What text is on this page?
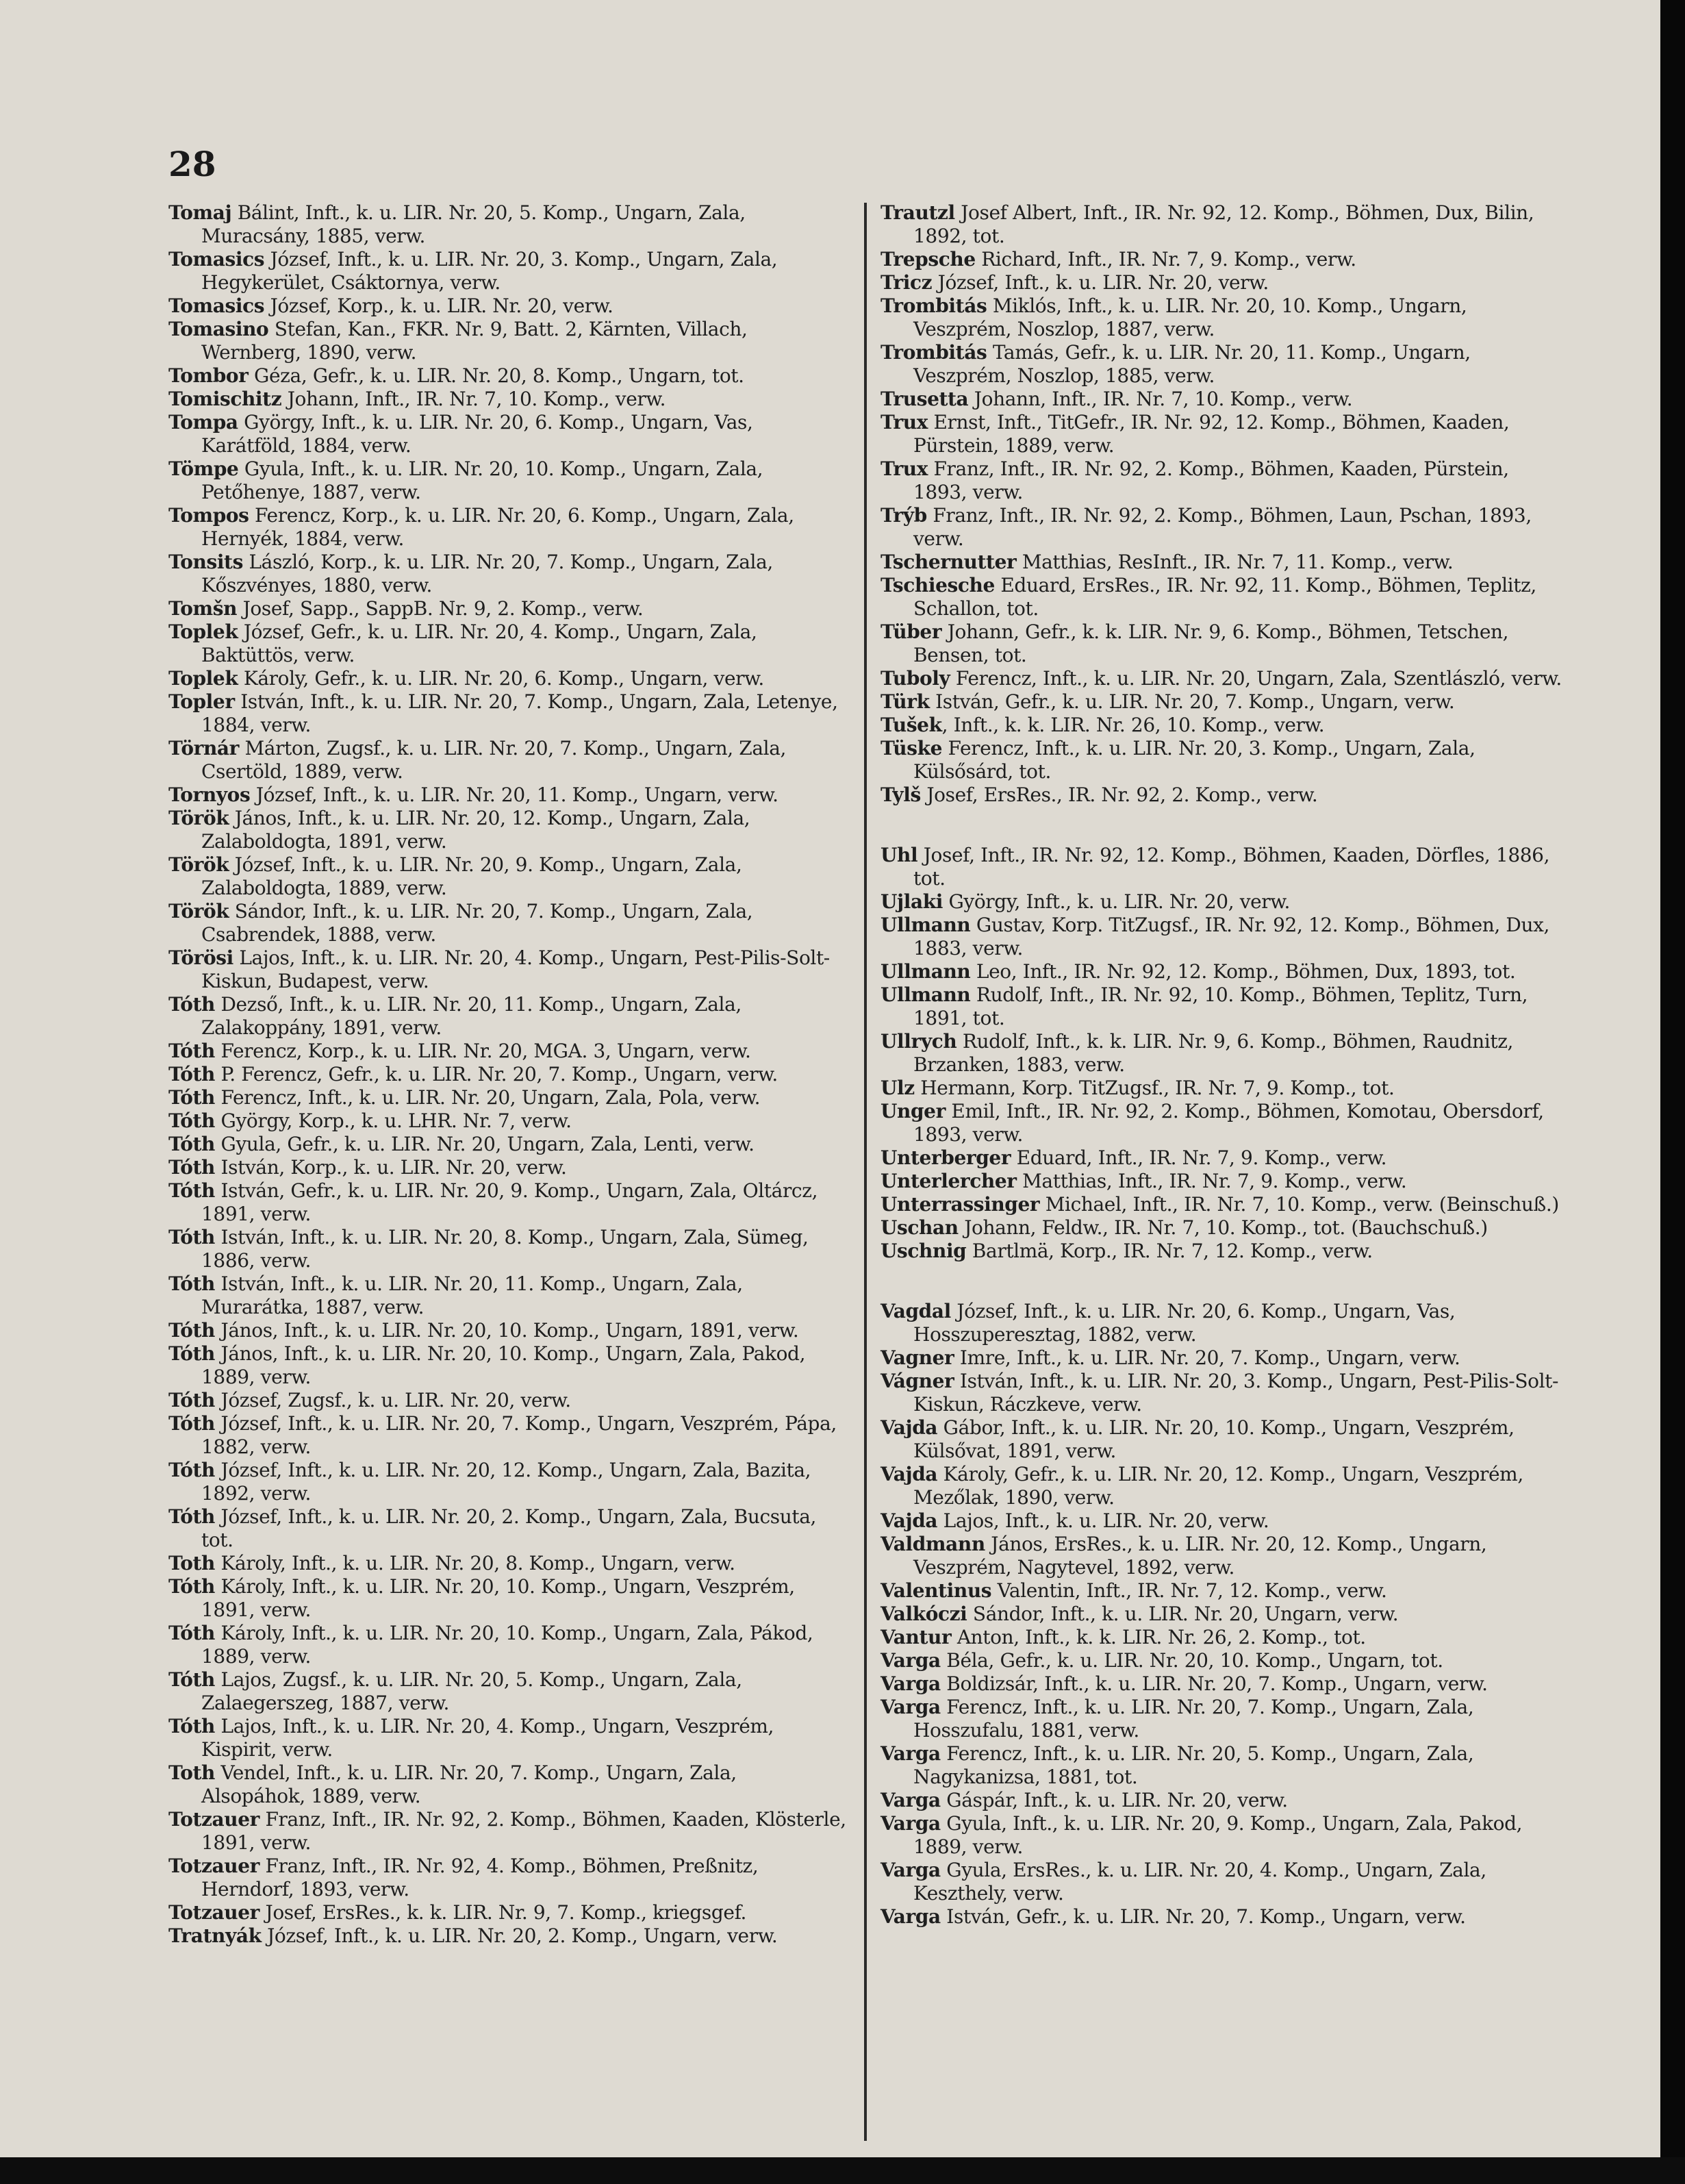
28
Tomaj Bálint, Inft., k. u. LIR. Nr. 20, 5. Komp., Ungarn, Zala, Muracsány, 1885, verw.
Tomasics József, Inft., k. u. LIR. Nr. 20, 3. Komp., Ungarn, Zala, Hegykerület, Csáktornya, verw.
Tomasics József, Korp., k. u. LIR. Nr. 20, verw.
Tomasino Stefan, Kan., FKR. Nr. 9, Batt. 2, Kärnten, Villach, Wernberg, 1890, verw.
Tombor Géza, Gefr., k. u. LIR. Nr. 20, 8. Komp., Ungarn, tot.
Tomischitz Johann, Inft., IR. Nr. 7, 10. Komp., verw.
Tompa György, Inft., k. u. LIR. Nr. 20, 6. Komp., Ungarn, Vas, Karátföld, 1884, verw.
Tömpe Gyula, Inft., k. u. LIR. Nr. 20, 10. Komp., Ungarn, Zala, Petőhenye, 1887, verw.
Tompos Ferencz, Korp., k. u. LIR. Nr. 20, 6. Komp., Ungarn, Zala, Hernyék, 1884, verw.
Tonsits László, Korp., k. u. LIR. Nr. 20, 7. Komp., Ungarn, Zala, Kőszvényes, 1880, verw.
Tomšn Josef, Sapp., SappB. Nr. 9, 2. Komp., verw.
Toplek József, Gefr., k. u. LIR. Nr. 20, 4. Komp., Ungarn, Zala, Baktüttös, verw.
Toplek Károly, Gefr., k. u. LIR. Nr. 20, 6. Komp., Ungarn, verw.
Topler István, Inft., k. u. LIR. Nr. 20, 7. Komp., Ungarn, Zala, Letenye, 1884, verw.
Törnár Márton, Zugsf., k. u. LIR. Nr. 20, 7. Komp., Ungarn, Zala, Csertöld, 1889, verw.
Tornyos József, Inft., k. u. LIR. Nr. 20, 11. Komp., Ungarn, verw.
Török János, Inft., k. u. LIR. Nr. 20, 12. Komp., Ungarn, Zala, Zalaboldogta, 1891, verw.
Török József, Inft., k. u. LIR. Nr. 20, 9. Komp., Ungarn, Zala, Zalaboldogta, 1889, verw.
Török Sándor, Inft., k. u. LIR. Nr. 20, 7. Komp., Ungarn, Zala, Csabrendek, 1888, verw.
Törösi Lajos, Inft., k. u. LIR. Nr. 20, 4. Komp., Ungarn, Pest-Pilis-Solt-Kiskun, Budapest, verw.
Tóth Dezső, Inft., k. u. LIR. Nr. 20, 11. Komp., Ungarn, Zala, Zalakoppány, 1891, verw.
Tóth Ferencz, Korp., k. u. LIR. Nr. 20, MGA. 3, Ungarn, verw.
Tóth P. Ferencz, Gefr., k. u. LIR. Nr. 20, 7. Komp., Ungarn, verw.
Tóth Ferencz, Inft., k. u. LIR. Nr. 20, Ungarn, Zala, Pola, verw.
Tóth György, Korp., k. u. LHR. Nr. 7, verw.
Tóth Gyula, Gefr., k. u. LIR. Nr. 20, Ungarn, Zala, Lenti, verw.
Tóth István, Korp., k. u. LIR. Nr. 20, verw.
Tóth István, Gefr., k. u. LIR. Nr. 20, 9. Komp., Ungarn, Zala, Oltárcz, 1891, verw.
Tóth István, Inft., k. u. LIR. Nr. 20, 8. Komp., Ungarn, Zala, Sümeg, 1886, verw.
Tóth István, Inft., k. u. LIR. Nr. 20, 11. Komp., Ungarn, Zala, Murarátka, 1887, verw.
Tóth János, Inft., k. u. LIR. Nr. 20, 10. Komp., Ungarn, 1891, verw.
Tóth János, Inft., k. u. LIR. Nr. 20, 10. Komp., Ungarn, Zala, Pakod, 1889, verw.
Tóth József, Zugsf., k. u. LIR. Nr. 20, verw.
Tóth József, Inft., k. u. LIR. Nr. 20, 7. Komp., Ungarn, Veszprém, Pápa, 1882, verw.
Tóth József, Inft., k. u. LIR. Nr. 20, 12. Komp., Ungarn, Zala, Bazita, 1892, verw.
Tóth József, Inft., k. u. LIR. Nr. 20, 2. Komp., Ungarn, Zala, Bucsuta, tot.
Toth Károly, Inft., k. u. LIR. Nr. 20, 8. Komp., Ungarn, verw.
Tóth Károly, Inft., k. u. LIR. Nr. 20, 10. Komp., Ungarn, Veszprém, 1891, verw.
Tóth Károly, Inft., k. u. LIR. Nr. 20, 10. Komp., Ungarn, Zala, Pákod, 1889, verw.
Tóth Lajos, Zugsf., k. u. LIR. Nr. 20, 5. Komp., Ungarn, Zala, Zalaegerszeg, 1887, verw.
Tóth Lajos, Inft., k. u. LIR. Nr. 20, 4. Komp., Ungarn, Veszprém, Kispirit, verw.
Toth Vendel, Inft., k. u. LIR. Nr. 20, 7. Komp., Ungarn, Zala, Alsopáhok, 1889, verw.
Totzauer Franz, Inft., IR. Nr. 92, 2. Komp., Böhmen, Kaaden, Klösterle, 1891, verw.
Totzauer Franz, Inft., IR. Nr. 92, 4. Komp., Böhmen, Preßnitz, Herndorf, 1893, verw.
Totzauer Josef, ErsRes., k. k. LIR. Nr. 9, 7. Komp., kriegsgef.
Tratnyák József, Inft., k. u. LIR. Nr. 20, 2. Komp., Ungarn, verw.
Trautzl Josef Albert, Inft., IR. Nr. 92, 12. Komp., Böhmen, Dux, Bilin, 1892, tot.
Trepsche Richard, Inft., IR. Nr. 7, 9. Komp., verw.
Tricz József, Inft., k. u. LIR. Nr. 20, verw.
Trombitás Miklós, Inft., k. u. LIR. Nr. 20, 10. Komp., Ungarn, Veszprém, Noszlop, 1887, verw.
Trombitás Tamás, Gefr., k. u. LIR. Nr. 20, 11. Komp., Ungarn, Veszprém, Noszlop, 1885, verw.
Trusetta Johann, Inft., IR. Nr. 7, 10. Komp., verw.
Trux Ernst, Inft., TitGefr., IR. Nr. 92, 12. Komp., Böhmen, Kaaden, Pürstein, 1889, verw.
Trux Franz, Inft., IR. Nr. 92, 2. Komp., Böhmen, Kaaden, Pürstein, 1893, verw.
Trýb Franz, Inft., IR. Nr. 92, 2. Komp., Böhmen, Laun, Pschan, 1893, verw.
Tschernutter Matthias, ResInft., IR. Nr. 7, 11. Komp., verw.
Tschiesche Eduard, ErsRes., IR. Nr. 92, 11. Komp., Böhmen, Teplitz, Schallon, tot.
Tüber Johann, Gefr., k. k. LIR. Nr. 9, 6. Komp., Böhmen, Tetschen, Bensen, tot.
Tuboly Ferencz, Inft., k. u. LIR. Nr. 20, Ungarn, Zala, Szentlászló, verw.
Türk István, Gefr., k. u. LIR. Nr. 20, 7. Komp., Ungarn, verw.
Tušek, Inft., k. k. LIR. Nr. 26, 10. Komp., verw.
Tüske Ferencz, Inft., k. u. LIR. Nr. 20, 3. Komp., Ungarn, Zala, Külsősárd, tot.
Tylš Josef, ErsRes., IR. Nr. 92, 2. Komp., verw.
Uhl Josef, Inft., IR. Nr. 92, 12. Komp., Böhmen, Kaaden, Dörfles, 1886, tot.
Ujlaki György, Inft., k. u. LIR. Nr. 20, verw.
Ullmann Gustav, Korp. TitZugsf., IR. Nr. 92, 12. Komp., Böhmen, Dux, 1883, verw.
Ullmann Leo, Inft., IR. Nr. 92, 12. Komp., Böhmen, Dux, 1893, tot.
Ullmann Rudolf, Inft., IR. Nr. 92, 10. Komp., Böhmen, Teplitz, Turn, 1891, tot.
Ullrych Rudolf, Inft., k. k. LIR. Nr. 9, 6. Komp., Böhmen, Raudnitz, Brzanken, 1883, verw.
Ulz Hermann, Korp. TitZugsf., IR. Nr. 7, 9. Komp., tot.
Unger Emil, Inft., IR. Nr. 92, 2. Komp., Böhmen, Komotau, Obersdorf, 1893, verw.
Unterberger Eduard, Inft., IR. Nr. 7, 9. Komp., verw.
Unterlercher Matthias, Inft., IR. Nr. 7, 9. Komp., verw.
Unterrassinger Michael, Inft., IR. Nr. 7, 10. Komp., verw. (Beinschuß.)
Uschan Johann, Feldw., IR. Nr. 7, 10. Komp., tot. (Bauchschuß.)
Uschnig Bartlmä, Korp., IR. Nr. 7, 12. Komp., verw.
Vagdal József, Inft., k. u. LIR. Nr. 20, 6. Komp., Ungarn, Vas, Hosszuperesztag, 1882, verw.
Vagner Imre, Inft., k. u. LIR. Nr. 20, 7. Komp., Ungarn, verw.
Vágner István, Inft., k. u. LIR. Nr. 20, 3. Komp., Ungarn, Pest-Pilis-Solt-Kiskun, Ráczkeve, verw.
Vajda Gábor, Inft., k. u. LIR. Nr. 20, 10. Komp., Ungarn, Veszprém, Külsővat, 1891, verw.
Vajda Károly, Gefr., k. u. LIR. Nr. 20, 12. Komp., Ungarn, Veszprém, Mezőlak, 1890, verw.
Vajda Lajos, Inft., k. u. LIR. Nr. 20, verw.
Valdmann János, ErsRes., k. u. LIR. Nr. 20, 12. Komp., Ungarn, Veszprém, Nagytevel, 1892, verw.
Valentinus Valentin, Inft., IR. Nr. 7, 12. Komp., verw.
Valkóczi Sándor, Inft., k. u. LIR. Nr. 20, Ungarn, verw.
Vantur Anton, Inft., k. k. LIR. Nr. 26, 2. Komp., tot.
Varga Béla, Gefr., k. u. LIR. Nr. 20, 10. Komp., Ungarn, tot.
Varga Boldizsár, Inft., k. u. LIR. Nr. 20, 7. Komp., Ungarn, verw.
Varga Ferencz, Inft., k. u. LIR. Nr. 20, 7. Komp., Ungarn, Zala, Hosszufalu, 1881, verw.
Varga Ferencz, Inft., k. u. LIR. Nr. 20, 5. Komp., Ungarn, Zala, Nagykanizsa, 1881, tot.
Varga Gáspár, Inft., k. u. LIR. Nr. 20, verw.
Varga Gyula, Inft., k. u. LIR. Nr. 20, 9. Komp., Ungarn, Zala, Pakod, 1889, verw.
Varga Gyula, ErsRes., k. u. LIR. Nr. 20, 4. Komp., Ungarn, Zala, Keszthely, verw.
Varga István, Gefr., k. u. LIR. Nr. 20, 7. Komp., Ungarn, verw.
